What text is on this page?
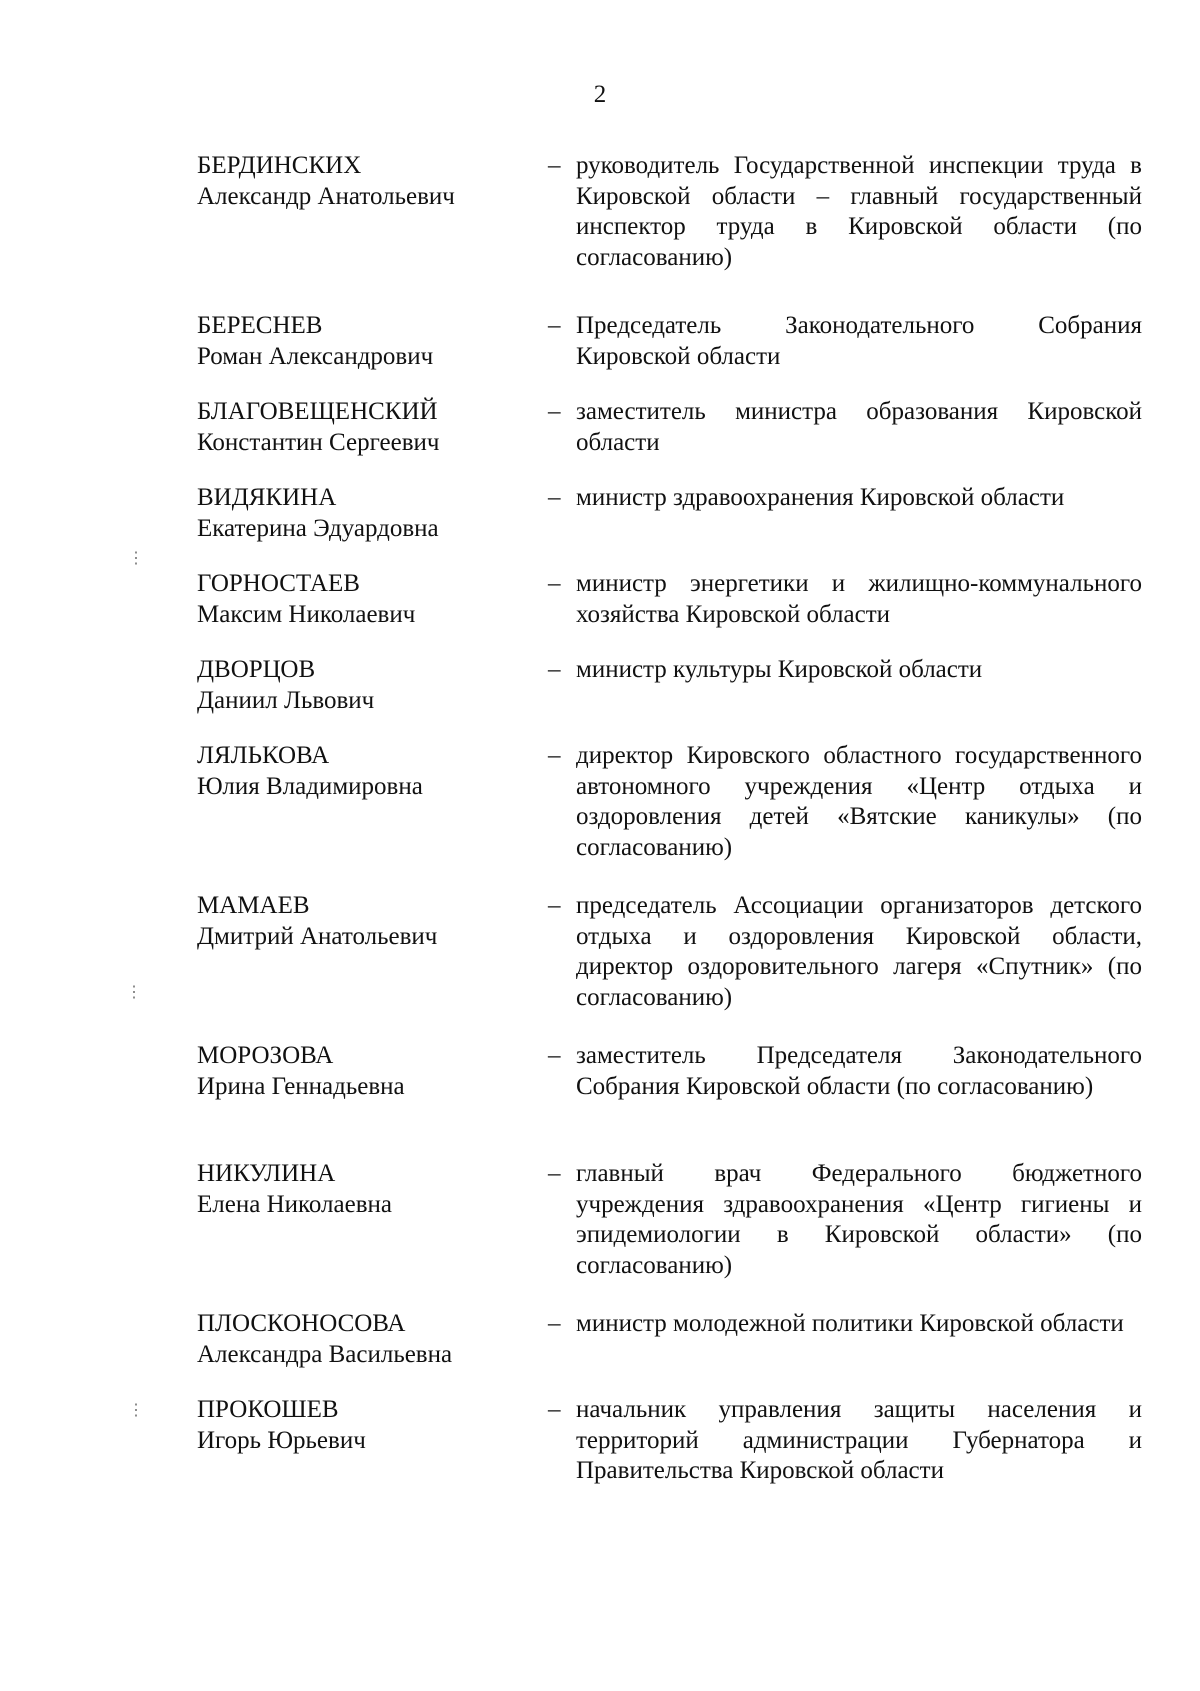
2
БЕРДИНСКИХ
Александр Анатольевич
– руководитель Государственной инспекции труда в Кировской области – главный государственный инспектор труда в Кировской области (по согласованию)
БЕРЕСНЕВ
Роман Александрович
– Председатель Законодательного Собрания Кировской области
БЛАГОВЕЩЕНСКИЙ
Константин Сергеевич
– заместитель министра образования Кировской области
ВИДЯКИНА
Екатерина Эдуардовна
– министр здравоохранения Кировской области
ГОРНОСТАЕВ
Максим Николаевич
– министр энергетики и жилищно-коммунального хозяйства Кировской области
ДВОРЦОВ
Даниил Львович
– министр культуры Кировской области
ЛЯЛЬКОВА
Юлия Владимировна
– директор Кировского областного государственного автономного учреждения «Центр отдыха и оздоровления детей «Вятские каникулы» (по согласованию)
МАМАЕВ
Дмитрий Анатольевич
– председатель Ассоциации организаторов детского отдыха и оздоровления Кировской области, директор оздоровительного лагеря «Спутник» (по согласованию)
МОРОЗОВА
Ирина Геннадьевна
– заместитель Председателя Законодательного Собрания Кировской области (по согласованию)
НИКУЛИНА
Елена Николаевна
– главный врач Федерального бюджетного учреждения здравоохранения «Центр гигиены и эпидемиологии в Кировской области» (по согласованию)
ПЛОСКОНОСОВА
Александра Васильевна
– министр молодежной политики Кировской области
ПРОКОШЕВ
Игорь Юрьевич
– начальник управления защиты населения и территорий администрации Губернатора и Правительства Кировской области
⋮
⋮
⋮
